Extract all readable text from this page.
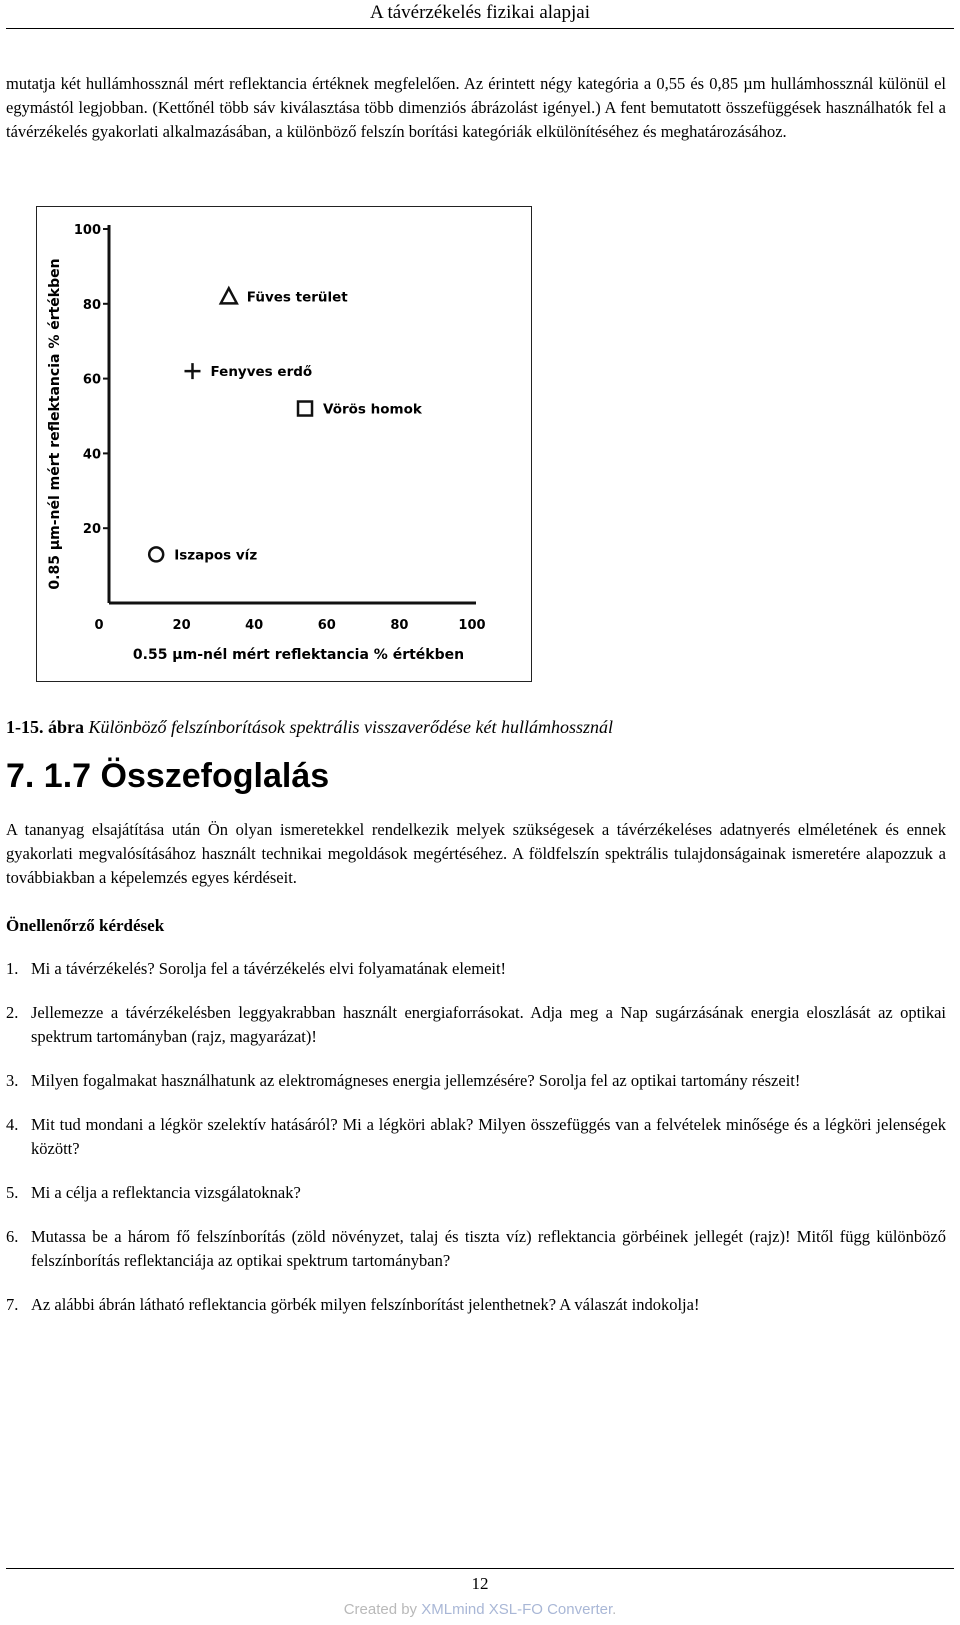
A távérzékelés fizikai alapjai

mutatja két hullámhossznál mért reflektancia értéknek megfelelően. Az érintett négy kategória a 0,55 és 0,85 µm hullámhossznál különül el egymástól legjobban. (Kettőnél több sáv kiválasztása több dimenziós ábrázolást igényel.) A fent bemutatott összefüggések használhatók fel a távérzékelés gyakorlati alkalmazásában, a különböző felszín borítási kategóriák elkülönítéséhez és meghatározásához.

0	20	40	60	80	100
20
40
60
80
100
Füves terület
Fenyves erdő
Vörös homok
Iszapos víz
0.55 µm-nél mért reflektancia % értékben
0.85 µm-nél mért reflektancia % értékben
1-15. ábra Különböző felszínborítások spektrális visszaverődése két hullámhossznál
7. 1.7 Összefoglalás

A tananyag elsajátítása után Ön olyan ismeretekkel rendelkezik melyek szükségesek a távérzékeléses adatnyerés elméletének és ennek gyakorlati megvalósításához használt technikai megoldások megértéséhez. A földfelszín spektrális tulajdonságainak ismeretére alapozzuk a továbbiakban a képelemzés egyes kérdéseit.

Önellenőrző kérdések
1. Mi a távérzékelés? Sorolja fel a távérzékelés elvi folyamatának elemeit!
2. Jellemezze a távérzékelésben leggyakrabban használt energiaforrásokat. Adja meg a Nap sugárzásának energia eloszlását az optikai spektrum tartományban (rajz, magyarázat)!
3. Milyen fogalmakat használhatunk az elektromágneses energia jellemzésére? Sorolja fel az optikai tartomány részeit!
4. Mit tud mondani a légkör szelektív hatásáról? Mi a légköri ablak? Milyen összefüggés van a felvételek minősége és a légköri jelenségek között?
5. Mi a célja a reflektancia vizsgálatoknak?
6. Mutassa be a három fő felszínborítás (zöld növényzet, talaj és tiszta víz) reflektancia görbéinek jellegét (rajz)! Mitől függ különböző felszínborítás reflektanciája az optikai spektrum tartományban?
7. Az alábbi ábrán látható reflektancia görbék milyen felszínborítást jelenthetnek? A válaszát indokolja!
12
Created by XMLmind XSL-FO Converter.
